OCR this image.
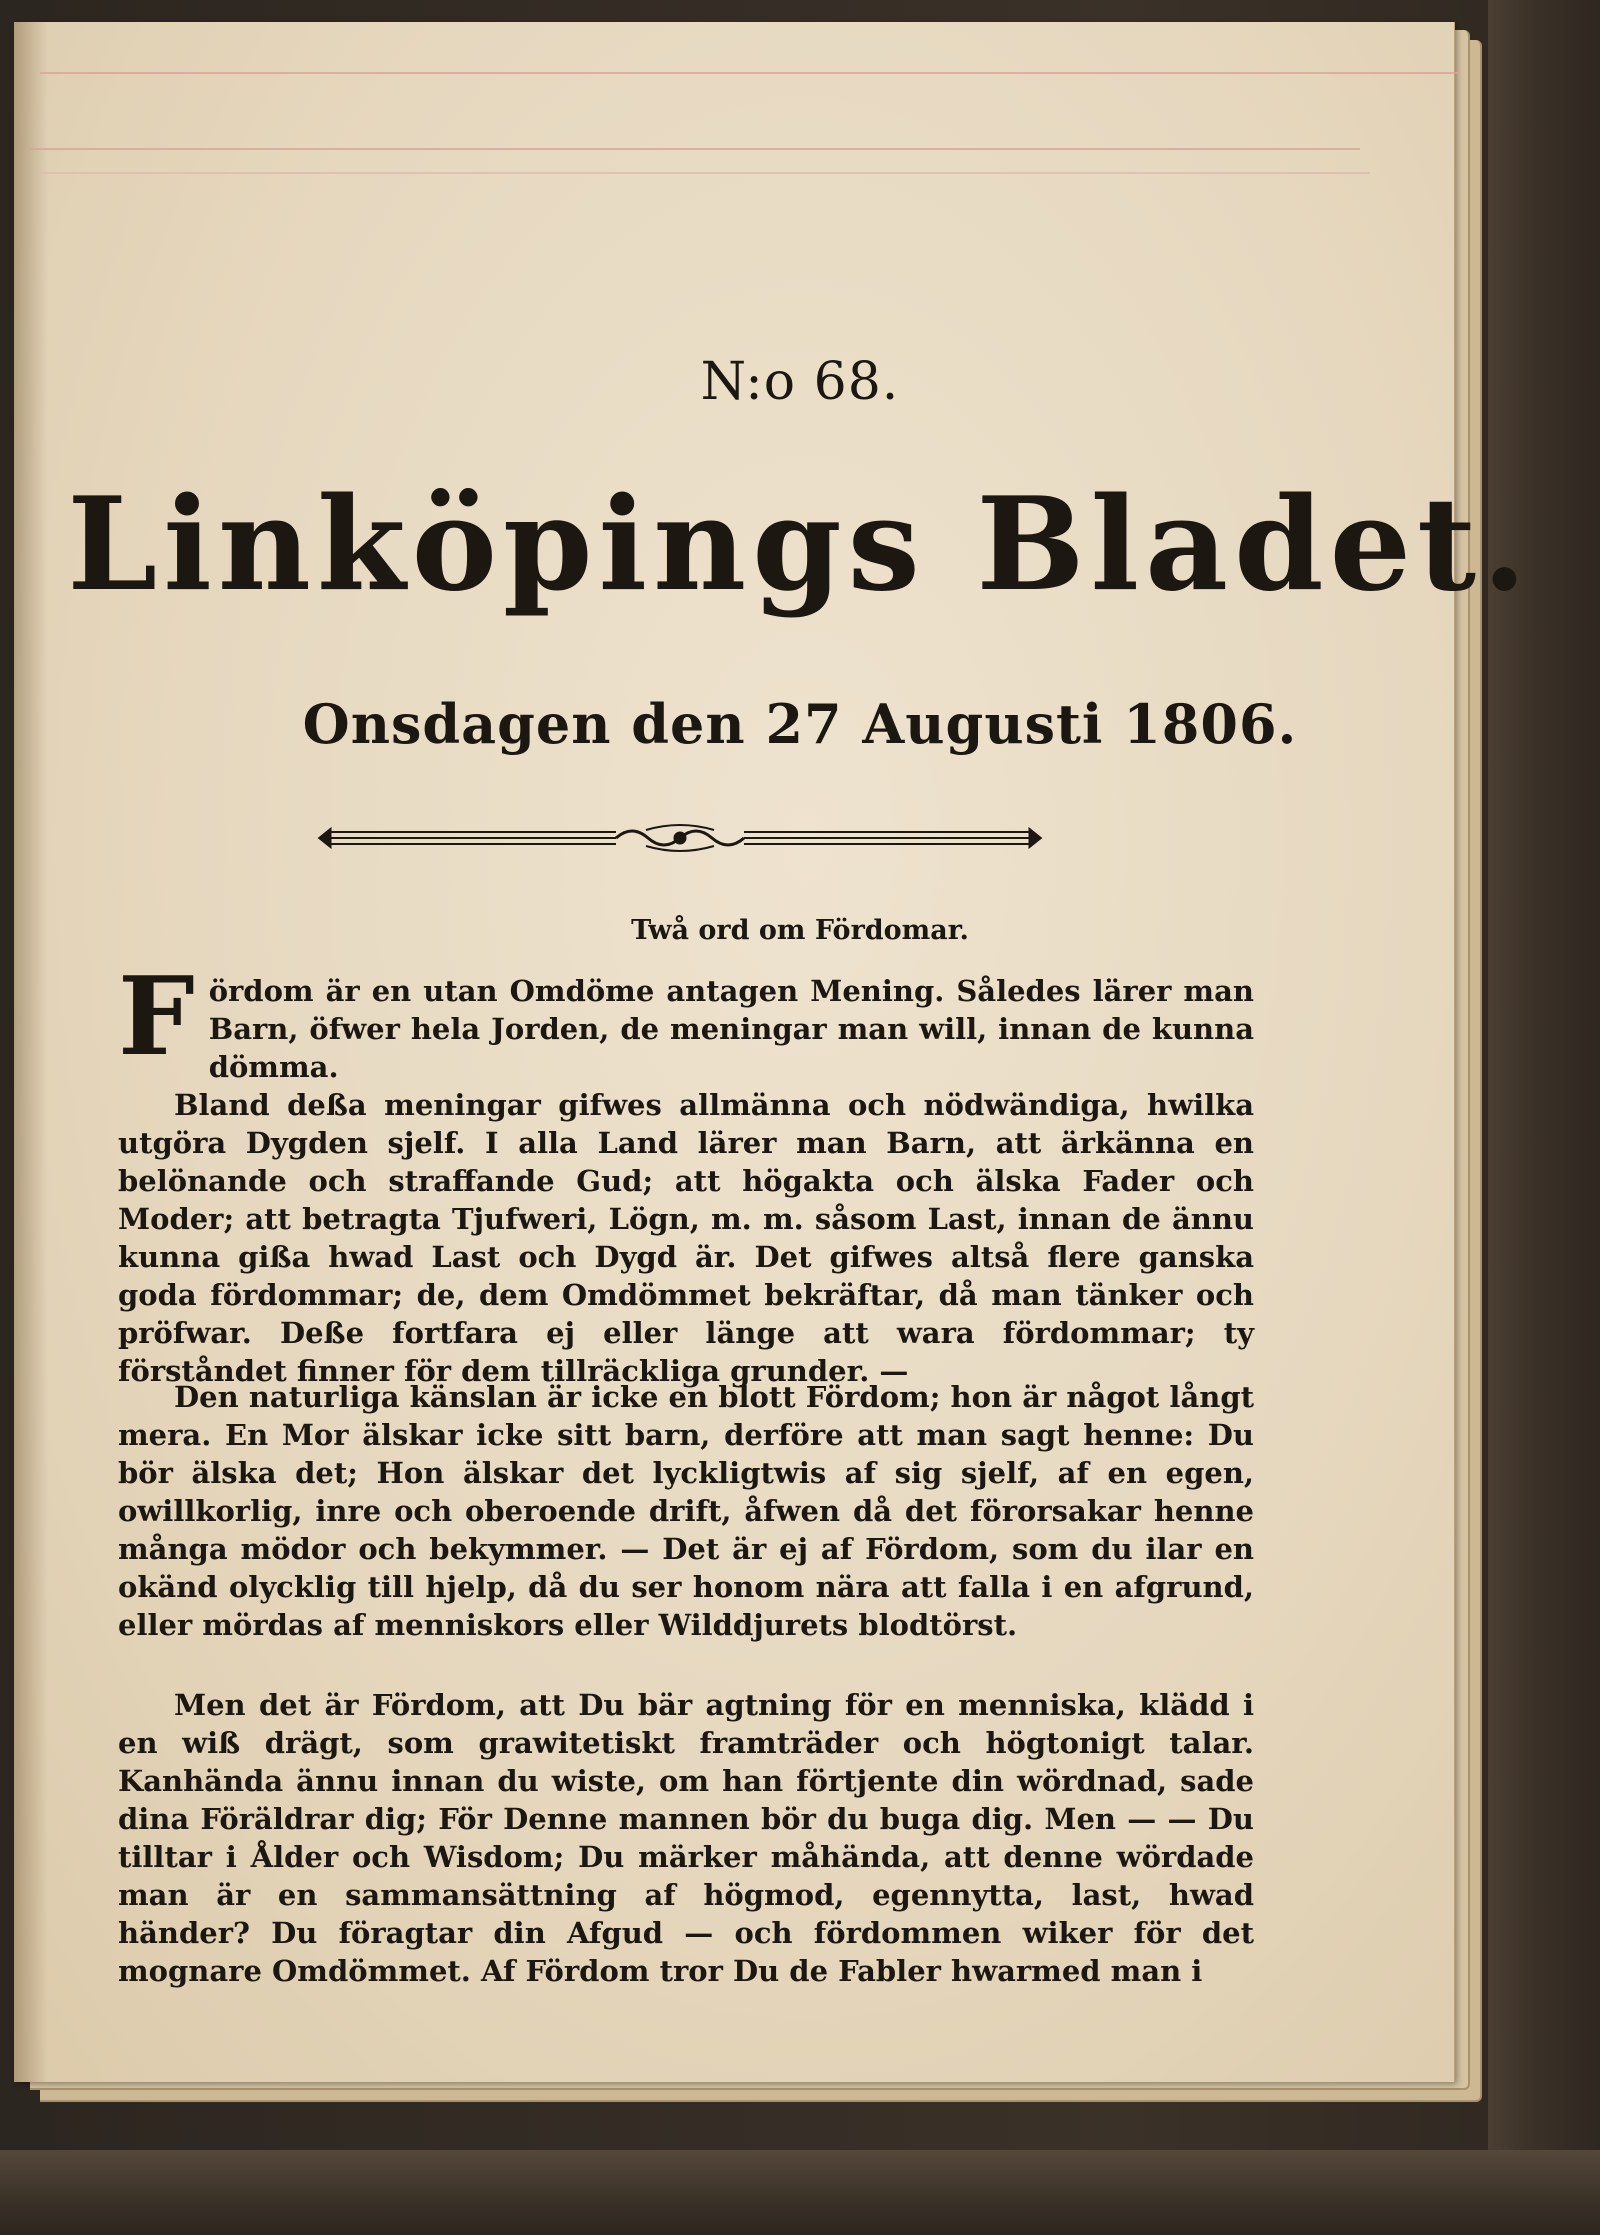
N:o 68.
Linköpings Bladet.
Onsdagen den 27 Augusti 1806.
Twå ord om Fördomar.
F ördom är en utan Omdöme antagen Mening. Således lärer man Barn, öfwer hela Jorden, de meningar man will, innan de kunna dömma.

Bland deßa meningar gifwes allmänna och nödwändiga, hwilka utgöra Dygden sjelf. I alla Land lärer man Barn, att ärkänna en belönande och straffande Gud; att högakta och älska Fader och Moder; att betragta Tjufweri, Lögn, m. m. såsom Last, innan de ännu kunna gißa hwad Last och Dygd är. Det gifwes altså flere ganska goda fördommar; de, dem Omdömmet bekräftar, då man tänker och pröfwar. Deße fortfara ej eller länge att wara fördommar; ty förståndet finner för dem tillräckliga grunder. —

Den naturliga känslan är icke en blott Fördom; hon är något långt mera. En Mor älskar icke sitt barn, derföre att man sagt henne: Du bör älska det; Hon älskar det lyckligtwis af sig sjelf, af en egen, owillkorlig, inre och oberoende drift, åfwen då det förorsakar henne många mödor och bekymmer. — Det är ej af Fördom, som du ilar en okänd olycklig till hjelp, då du ser honom nära att falla i en afgrund, eller mördas af menniskors eller Wilddjurets blodtörst.

Men det är Fördom, att Du bär agtning för en menniska, klädd i en wiß drägt, som grawitetiskt framträder och högtonigt talar. Kanhända ännu innan du wiste, om han förtjente din wördnad, sade dina Föräldrar dig; För Denne mannen bör du buga dig. Men — — Du tilltar i Ålder och Wisdom; Du märker måhända, att denne wördade man är en sammansättning af högmod, egennytta, last, hwad händer? Du föragtar din Afgud — och fördommen wiker för det mognare Omdömmet. Af Fördom tror Du de Fabler hwarmed man i
